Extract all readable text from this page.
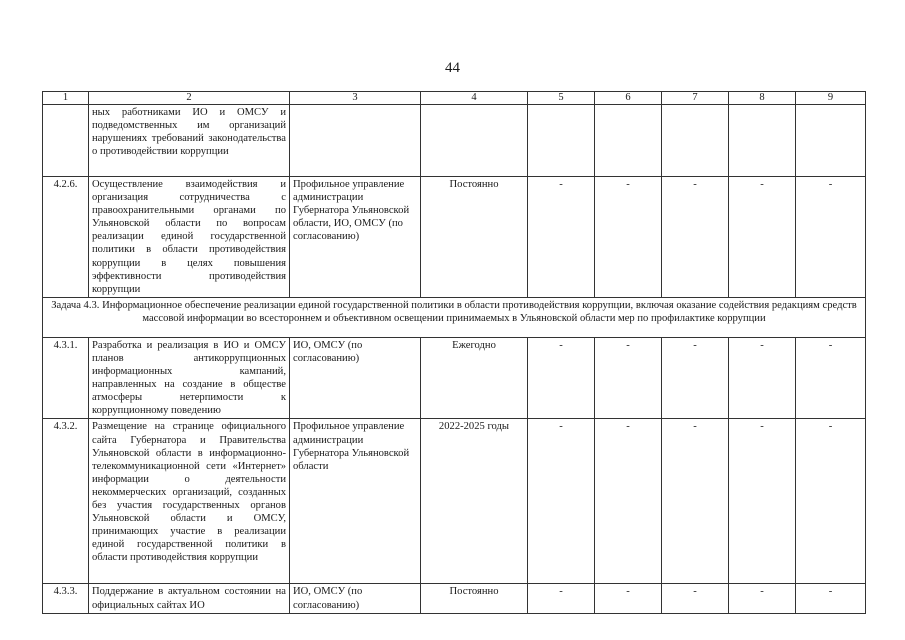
44
1	2	3	4	5	6	7	8	9
	ных работниками ИО и ОМСУ и подведомственных им организаций нарушениях требований законодательства о противодействии коррупции							
4.2.6.	Осуществление взаимодействия и организация сотрудничества с правоохранительными органами по Ульяновской области по вопросам реализации единой государственной политики в области противодействия коррупции в целях повышения эффективности противодействия коррупции	Профильное управление администрации Губернатора Ульяновской области, ИО, ОМСУ (по согласованию)	Постоянно	-	-	-	-	-
Задача 4.3. Информационное обеспечение реализации единой государственной политики в области противодействия коррупции, включая оказание содействия редакциям средств массовой информации во всестороннем и объективном освещении принимаемых в Ульяновской области мер по профилактике коррупции								
4.3.1.	Разработка и реализация в ИО и ОМСУ планов антикоррупционных информационных кампаний, направленных на создание в обществе атмосферы нетерпимости к коррупционному поведению	ИО, ОМСУ (по согласованию)	Ежегодно	-	-	-	-	-
4.3.2.	Размещение на странице официального сайта Губернатора и Правительства Ульяновской области в информационно-телекоммуникационной сети «Интернет» информации о деятельности некоммерческих организаций, созданных без участия государственных органов Ульяновской области и ОМСУ, принимающих участие в реализации единой государственной политики в области противодействия коррупции	Профильное управление администрации Губернатора Ульяновской области	2022-2025 годы	-	-	-	-	-
4.3.3.	Поддержание в актуальном состоянии на официальных сайтах ИО	ИО, ОМСУ (по согласованию)	Постоянно	-	-	-	-	-
